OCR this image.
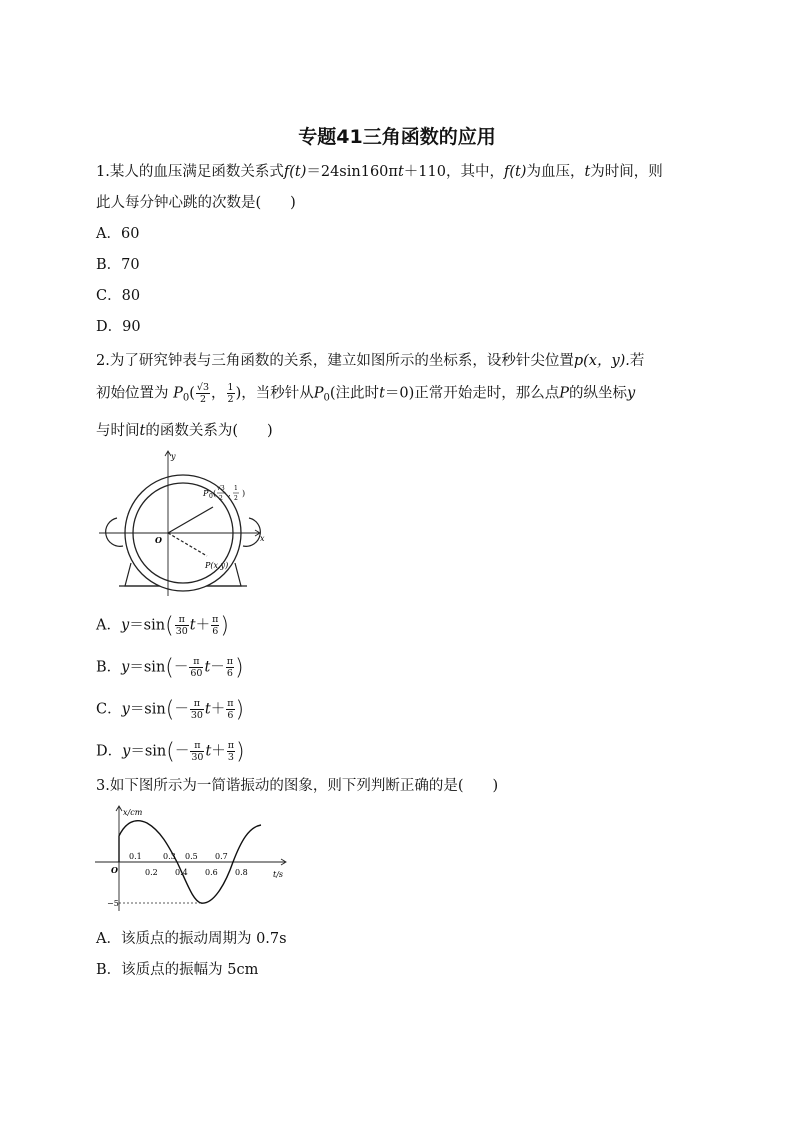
专题41三角函数的应用
1.某人的血压满足函数关系式f(t)＝24sin160πt＋110，其中，f(t)为血压，t为时间，则
此人每分钟心跳的次数是(　　)
A．60
B．70
C．80
D．90
2.为了研究钟表与三角函数的关系，建立如图所示的坐标系，设秒针尖位置p(x，y).若
初始位置为 $P_0( \frac{√3}{2}$ ， $\frac{1}{2}$ )，当秒针从$P_0$(注此时t＝0)正常开始走时，那么点P的纵坐标y
与时间t的函数关系为(　　)
y
x
O
P 0 (
√3
2
,
1
2
)
P(x,y)
A．$y=\sin( \frac{\pi}{30} t+ \frac{\pi}{6}$ )
B．$y=\sin(- \frac{\pi}{60} t- \frac{\pi}{6}$ )
C．$y=\sin(- \frac{\pi}{30} t+ \frac{\pi}{6}$ )
D．$y=\sin(- \frac{\pi}{30} t+ \frac{\pi}{3}$ )
3.如下图所示为一简谐振动的图象，则下列判断正确的是(　　)
x/cm
t/s
O
−5
0.1	0.3 0.5 0.7
0.2 0.4 0.6 0.8
A．该质点的振动周期为 0.7s
B．该质点的振幅为 5cm
